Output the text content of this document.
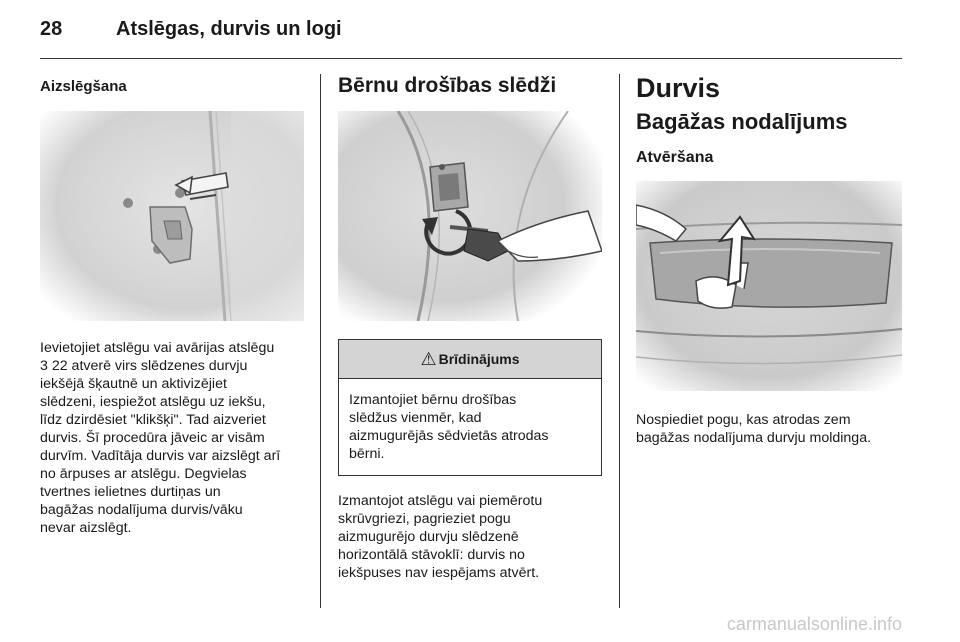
28	Atslēgas, durvis un logi
Aizslēgšana
Ievietojiet atslēgu vai avārijas atslēgu
3 22 atverē virs slēdzenes durvju
iekšējā šķautnē un aktivizējiet
slēdzeni, iespiežot atslēgu uz iekšu,
līdz dzirdēsiet "klikšķi". Tad aizveriet
durvis. Šī procedūra jāveic ar visām
durvīm. Vadītāja durvis var aizslēgt arī
no ārpuses ar atslēgu. Degvielas
tvertnes ielietnes durtiņas un
bagāžas nodalījuma durvis/vāku
nevar aizslēgt.
Bērnu drošības slēdži
⚠ Brīdinājums
Izmantojiet bērnu drošības
slēdžus vienmēr, kad
aizmugurējās sēdvietās atrodas
bērni.
Izmantojot atslēgu vai piemērotu
skrūvgriezi, pagrieziet pogu
aizmugurējo durvju slēdzenē
horizontālā stāvoklī: durvis no
iekšpuses nav iespējams atvērt.
Durvis
Bagāžas nodalījums
Atvēršana
Nospiediet pogu, kas atrodas zem
bagāžas nodalījuma durvju moldinga.
carmanualsonline.info
